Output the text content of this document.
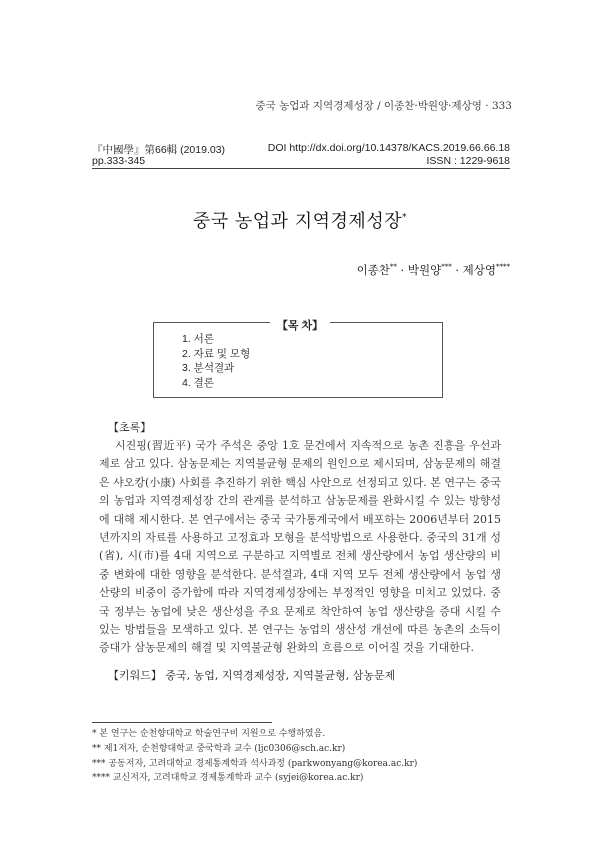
중국 농업과 지역경제성장 / 이종찬·박원양·제상영 · 333
『中國學』第66輯 (2019.03)
pp.333-345
DOI http://dx.doi.org/10.14378/KACS.2019.66.66.18
ISSN : 1229-9618
중국 농업과 지역경제성장*
이종찬** · 박원양*** · 제상영****
【목 차】
1. 서론
2. 자료 및 모형
3. 분석결과
4. 결론
【초록】

시진핑(習近平) 국가 주석은 중앙 1호 문건에서 지속적으로 농촌 진흥을 우선과제로 삼고 있다. 삼농문제는 지역불균형 문제의 원인으로 제시되며, 삼농문제의 해결은 샤오캉(小康) 사회를 추진하기 위한 핵심 사안으로 선정되고 있다. 본 연구는 중국의 농업과 지역경제성장 간의 관계를 분석하고 삼농문제를 완화시킬 수 있는 방향성에 대해 제시한다. 본 연구에서는 중국 국가통계국에서 배포하는 2006년부터 2015년까지의 자료를 사용하고 고정효과 모형을 분석방법으로 사용한다. 중국의 31개 성(省), 시(市)를 4대 지역으로 구분하고 지역별로 전체 생산량에서 농업 생산량의 비중 변화에 대한 영향을 분석한다. 분석결과, 4대 지역 모두 전체 생산량에서 농업 생산량의 비중이 증가함에 따라 지역경제성장에는 부정적인 영향을 미치고 있었다. 중국 정부는 농업에 낮은 생산성을 주요 문제로 착안하여 농업 생산량을 증대 시킬 수 있는 방법들을 모색하고 있다. 본 연구는 농업의 생산성 개선에 따른 농촌의 소득이 증대가 삼농문제의 해결 및 지역불균형 완화의 흐름으로 이어질 것을 기대한다.

【키워드】 중국, 농업, 지역경제성장, 지역불균형, 삼농문제
* 본 연구는 순천향대학교 학술연구비 지원으로 수행하였음.
** 제1저자, 순천향대학교 중국학과 교수 (ljc0306@sch.ac.kr)
*** 공동저자, 고려대학교 경제통계학과 석사과정 (parkwonyang@korea.ac.kr)
**** 교신저자, 고려대학교 경제통계학과 교수 (syjei@korea.ac.kr)
